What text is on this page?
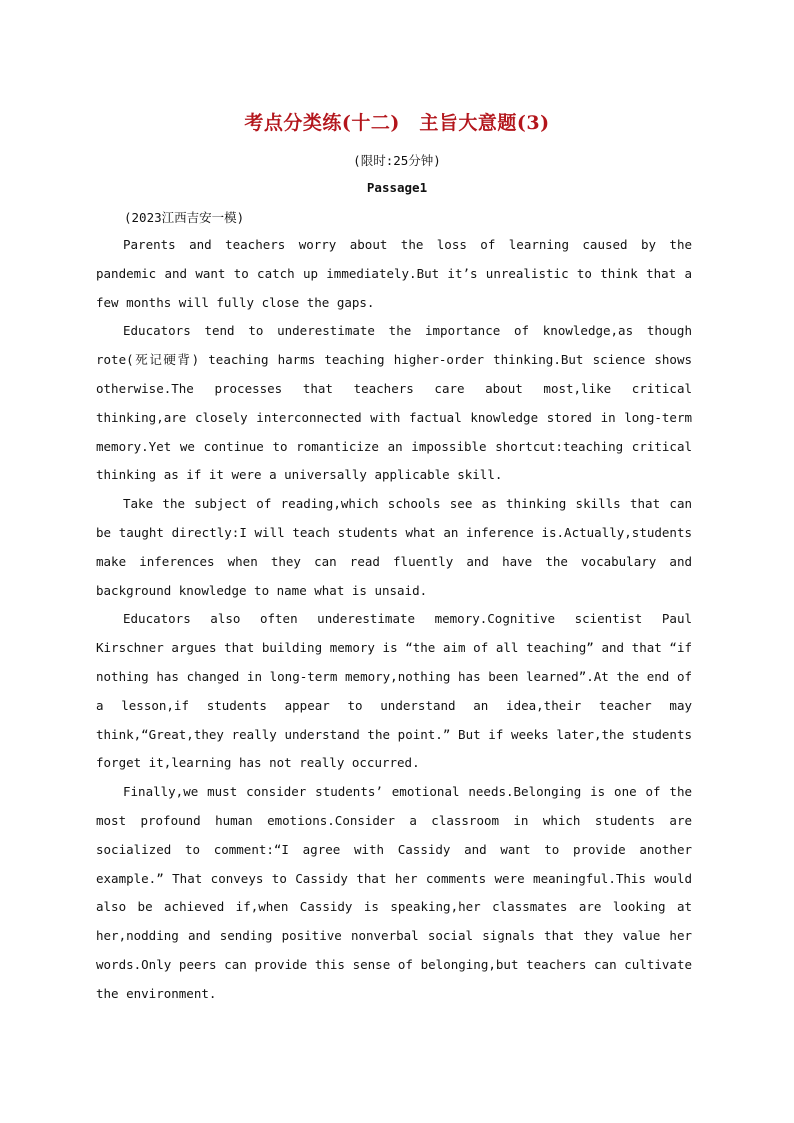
考点分类练(十二)　主旨大意题(3)
(限时:25分钟)
Passage1
(2023江西吉安一模)

Parents and teachers worry about the loss of learning caused by the pandemic and want to catch up immediately.But it’s unrealistic to think that a few months will fully close the gaps.

Educators tend to underestimate the importance of knowledge,as though rote(死记硬背) teaching harms teaching higher-order thinking.But science shows otherwise.The processes that teachers care about most,like critical thinking,are closely interconnected with factual knowledge stored in long-term memory.Yet we continue to romanticize an impossible shortcut:teaching critical thinking as if it were a universally applicable skill.

Take the subject of reading,which schools see as thinking skills that can be taught directly:I will teach students what an inference is.Actually,students make inferences when they can read fluently and have the vocabulary and background knowledge to name what is unsaid.

Educators also often underestimate memory.Cognitive scientist Paul Kirschner argues that building memory is “the aim of all teaching” and that “if nothing has changed in long-term memory,nothing has been learned”.At the end of a lesson,if students appear to understand an idea,their teacher may think,“Great,they really understand the point.” But if weeks later,the students forget it,learning has not really occurred.

Finally,we must consider students’ emotional needs.Belonging is one of the most profound human emotions.Consider a classroom in which students are socialized to comment:“I agree with Cassidy and want to provide another example.” That conveys to Cassidy that her comments were meaningful.This would also be achieved if,when Cassidy is speaking,her classmates are looking at her,nodding and sending positive nonverbal social signals that they value her words.Only peers can provide this sense of belonging,but teachers can cultivate the environment.
